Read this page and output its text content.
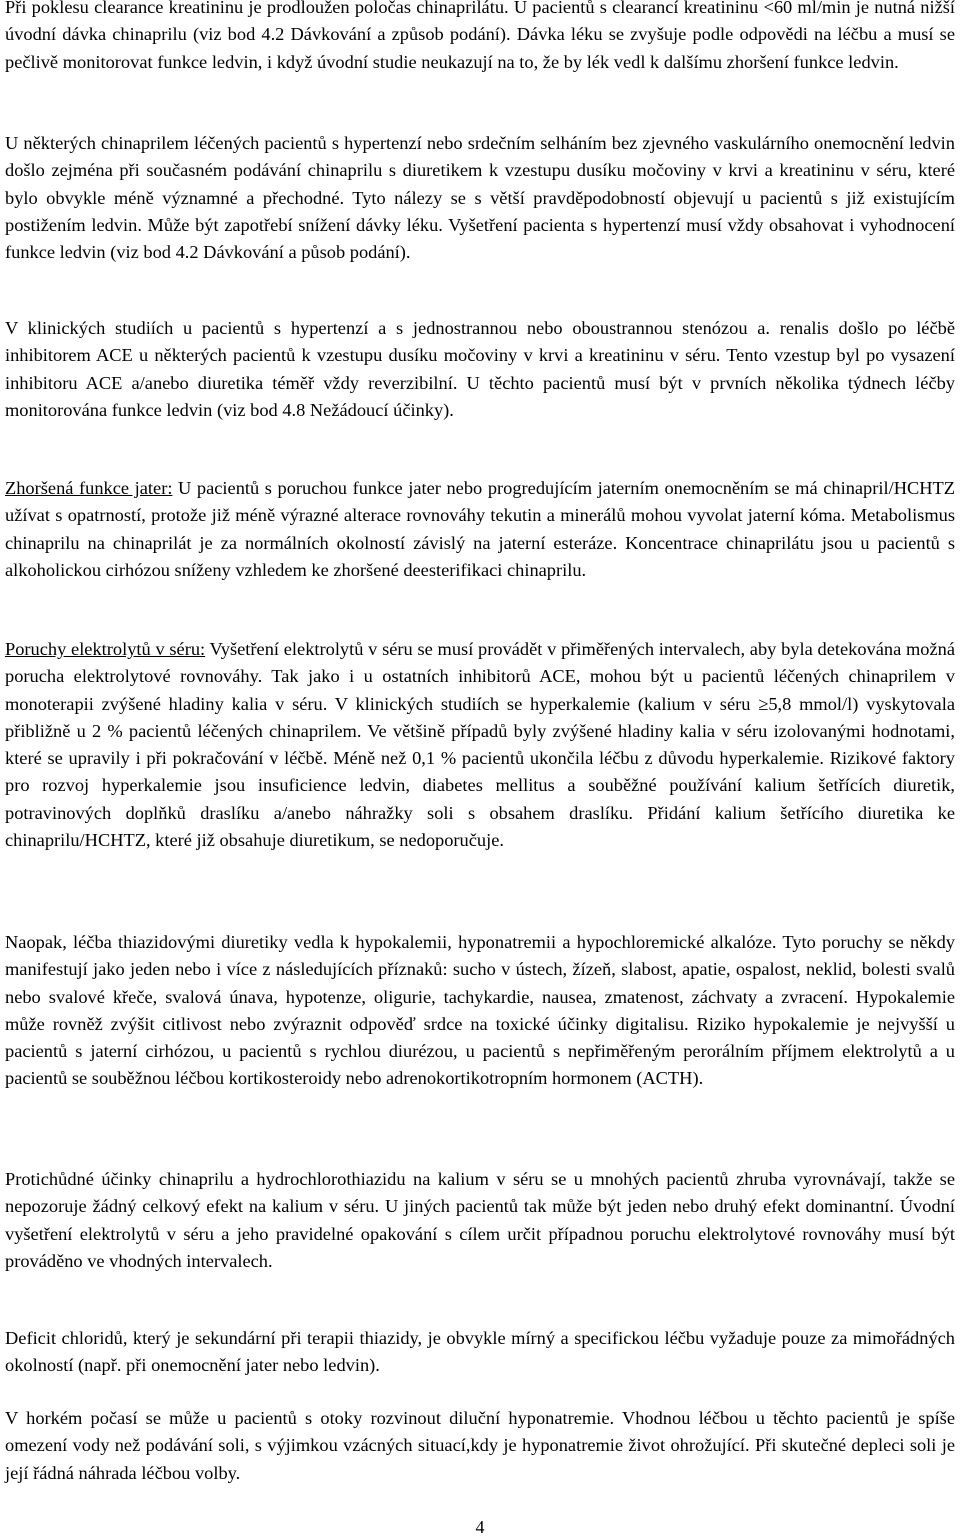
Při poklesu clearance kreatininu je prodloužen poločas chinaprilátu. U pacientů s clearancí kreatininu <60 ml/min je nutná nižší úvodní dávka chinaprilu (viz bod 4.2 Dávkování a způsob podání). Dávka léku se zvyšuje podle odpovědi na léčbu a musí se pečlivě monitorovat funkce ledvin, i když úvodní studie neukazují na to, že by lék vedl k dalšímu zhoršení funkce ledvin.

U některých chinaprilem léčených pacientů s hypertenzí nebo srdečním selháním bez zjevného vaskulárního onemocnění ledvin došlo zejména při současném podávání chinaprilu s diuretikem k vzestupu dusíku močoviny v krvi a kreatininu v séru, které bylo obvykle méně významné a přechodné. Tyto nálezy se s větší pravděpodobností objevují u pacientů s již existujícím postižením ledvin. Může být zapotřebí snížení dávky léku. Vyšetření pacienta s hypertenzí musí vždy obsahovat i vyhodnocení funkce ledvin (viz bod 4.2 Dávkování a působ podání).

V klinických studiích u pacientů s hypertenzí a s jednostrannou nebo oboustrannou stenózou a. renalis došlo po léčbě inhibitorem ACE u některých pacientů k vzestupu dusíku močoviny v krvi a kreatininu v séru. Tento vzestup byl po vysazení inhibitoru ACE a/anebo diuretika téměř vždy reverzibilní. U těchto pacientů musí být v prvních několika týdnech léčby monitorována funkce ledvin (viz bod 4.8 Nežádoucí účinky).

Zhoršená funkce jater: U pacientů s poruchou funkce jater nebo progredujícím jaterním onemocněním se má chinapril/HCHTZ užívat s opatrností, protože již méně výrazné alterace rovnováhy tekutin a minerálů mohou vyvolat jaterní kóma. Metabolismus chinaprilu na chinaprilát je za normálních okolností závislý na jaterní esteráze. Koncentrace chinaprilátu jsou u pacientů s alkoholickou cirhózou sníženy vzhledem ke zhoršené deesterifikaci chinaprilu.

Poruchy elektrolytů v séru: Vyšetření elektrolytů v séru se musí provádět v přiměřených intervalech, aby byla detekována možná porucha elektrolytové rovnováhy. Tak jako i u ostatních inhibitorů ACE, mohou být u pacientů léčených chinaprilem v monoterapii zvýšené hladiny kalia v séru. V klinických studiích se hyperkalemie (kalium v séru ≥5,8 mmol/l) vyskytovala přibližně u 2 % pacientů léčených chinaprilem. Ve většině případů byly zvýšené hladiny kalia v séru izolovanými hodnotami, které se upravily i při pokračování v léčbě. Méně než 0,1 % pacientů ukončila léčbu z důvodu hyperkalemie. Rizikové faktory pro rozvoj hyperkalemie jsou insuficience ledvin, diabetes mellitus a souběžné používání kalium šetřících diuretik, potravinových doplňků draslíku a/anebo náhražky soli s obsahem draslíku. Přidání kalium šetřícího diuretika ke chinaprilu/HCHTZ, které již obsahuje diuretikum, se nedoporučuje.

Naopak, léčba thiazidovými diuretiky vedla k hypokalemii, hyponatremii a hypochloremické alkalóze. Tyto poruchy se někdy manifestují jako jeden nebo i více z následujících příznaků: sucho v ústech, žízeň, slabost, apatie, ospalost, neklid, bolesti svalů nebo svalové křeče, svalová únava, hypotenze, oligurie, tachykardie, nausea, zmatenost, záchvaty a zvracení. Hypokalemie může rovněž zvýšit citlivost nebo zvýraznit odpověď srdce na toxické účinky digitalisu. Riziko hypokalemie je nejvyšší u pacientů s jaterní cirhózou, u pacientů s rychlou diurézou, u pacientů s nepřiměřeným perorálním příjmem elektrolytů a u pacientů se souběžnou léčbou kortikosteroidy nebo adrenokortikotropním hormonem (ACTH).

Protichůdné účinky chinaprilu a hydrochlorothiazidu na kalium v séru se u mnohých pacientů zhruba vyrovnávají, takže se nepozoruje žádný celkový efekt na kalium v séru. U jiných pacientů tak může být jeden nebo druhý efekt dominantní. Úvodní vyšetření elektrolytů v séru a jeho pravidelné opakování s cílem určit případnou poruchu elektrolytové rovnováhy musí být prováděno ve vhodných intervalech.

Deficit chloridů, který je sekundární při terapii thiazidy, je obvykle mírný a specifickou léčbu vyžaduje pouze za mimořádných okolností (např. při onemocnění jater nebo ledvin).

V horkém počasí se může u pacientů s otoky rozvinout diluční hyponatremie. Vhodnou léčbou u těchto pacientů je spíše omezení vody než podávání soli, s výjimkou vzácných situací,kdy je hyponatremie život ohrožující. Při skutečné depleci soli je její řádná náhrada léčbou volby.

4
